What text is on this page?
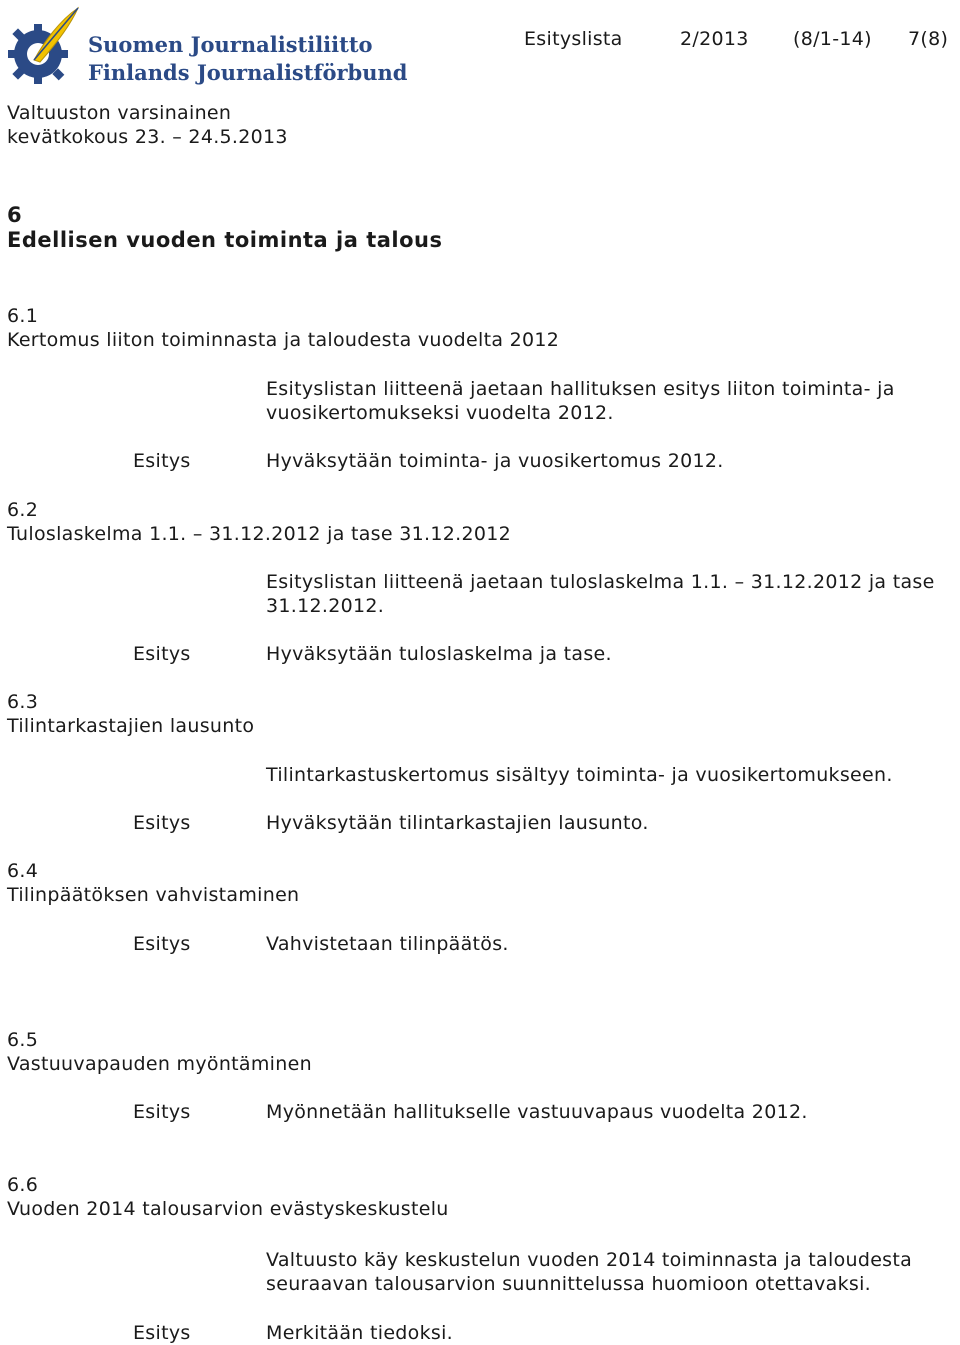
Suomen Journalistiliitto
Finlands Journalistförbund
Esityslista	2/2013 (8/1-14) 7(8)
Valtuuston varsinainen
kevätkokous 23. – 24.5.2013
6
Edellisen vuoden toiminta ja talous
6.1
Kertomus liiton toiminnasta ja taloudesta vuodelta 2012
Esityslistan liitteenä jaetaan hallituksen esitys liiton toiminta- ja
vuosikertomukseksi vuodelta 2012.
Esitys	Hyväksytään toiminta- ja vuosikertomus 2012.
6.2
Tuloslaskelma 1.1. – 31.12.2012 ja tase 31.12.2012
Esityslistan liitteenä jaetaan tuloslaskelma 1.1. – 31.12.2012 ja tase
31.12.2012.
Esitys	Hyväksytään tuloslaskelma ja tase.
6.3
Tilintarkastajien lausunto
Tilintarkastuskertomus sisältyy toiminta- ja vuosikertomukseen.
Esitys	Hyväksytään tilintarkastajien lausunto.
6.4
Tilinpäätöksen vahvistaminen
Esitys	Vahvistetaan tilinpäätös.
6.5
Vastuuvapauden myöntäminen
Esitys	Myönnetään hallitukselle vastuuvapaus vuodelta 2012.
6.6
Vuoden 2014 talousarvion evästyskeskustelu
Valtuusto käy keskustelun vuoden 2014 toiminnasta ja taloudesta
seuraavan talousarvion suunnittelussa huomioon otettavaksi.
Esitys	Merkitään tiedoksi.
